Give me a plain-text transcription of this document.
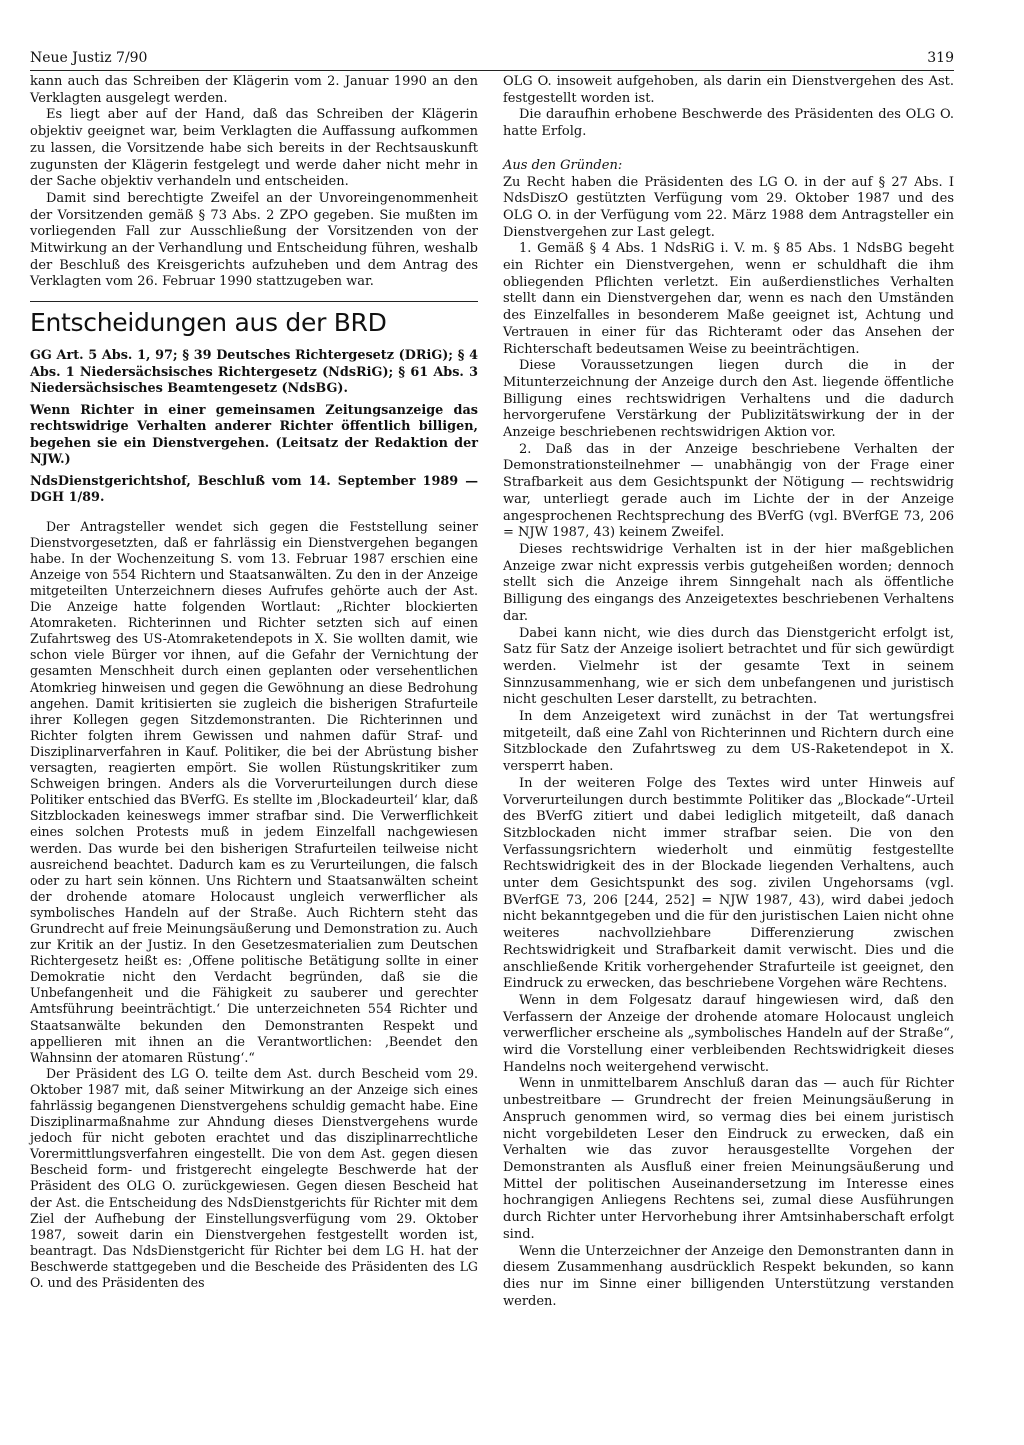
Neue Justiz 7/90	319

kann auch das Schreiben der Klägerin vom 2. Januar 1990 an den Verklagten ausgelegt werden.

Es liegt aber auf der Hand, daß das Schreiben der Klägerin objektiv geeignet war, beim Verklagten die Auffassung aufkommen zu lassen, die Vorsitzende habe sich bereits in der Rechtsauskunft zugunsten der Klägerin festgelegt und werde daher nicht mehr in der Sache objektiv verhandeln und entscheiden.

Damit sind berechtigte Zweifel an der Unvoreingenommenheit der Vorsitzenden gemäß § 73 Abs. 2 ZPO gegeben. Sie mußten im vorliegenden Fall zur Ausschließung der Vorsitzenden von der Mitwirkung an der Verhandlung und Entscheidung führen, weshalb der Beschluß des Kreisgerichts aufzuheben und dem Antrag des Verklagten vom 26. Februar 1990 stattzugeben war.

Entscheidungen aus der BRD

GG Art. 5 Abs. 1, 97; § 39 Deutsches Richtergesetz (DRiG); § 4 Abs. 1 Niedersächsisches Richtergesetz (NdsRiG); § 61 Abs. 3 Niedersächsisches Beamtengesetz (NdsBG).

Wenn Richter in einer gemeinsamen Zeitungsanzeige das rechtswidrige Verhalten anderer Richter öffentlich billigen, begehen sie ein Dienstvergehen. (Leitsatz der Redaktion der NJW.)

NdsDienstgerichtshof, Beschluß vom 14. September 1989 — DGH 1/89.

Der Antragsteller wendet sich gegen die Feststellung seiner Dienstvorgesetzten, daß er fahrlässig ein Dienstvergehen begangen habe. In der Wochenzeitung S. vom 13. Februar 1987 erschien eine Anzeige von 554 Richtern und Staatsanwälten. Zu den in der Anzeige mitgeteilten Unterzeichnern dieses Aufrufes gehörte auch der Ast. Die Anzeige hatte folgenden Wortlaut: „Richter blockierten Atomraketen. Richterinnen und Richter setzten sich auf einen Zufahrtsweg des US-Atomraketendepots in X. Sie wollten damit, wie schon viele Bürger vor ihnen, auf die Gefahr der Vernichtung der gesamten Menschheit durch einen geplanten oder versehentlichen Atomkrieg hinweisen und gegen die Gewöhnung an diese Bedrohung angehen. Damit kritisierten sie zugleich die bisherigen Strafurteile ihrer Kollegen gegen Sitzdemonstranten. Die Richterinnen und Richter folgten ihrem Gewissen und nahmen dafür Straf- und Disziplinarverfahren in Kauf. Politiker, die bei der Abrüstung bisher versagten, reagierten empört. Sie wollen Rüstungskritiker zum Schweigen bringen. Anders als die Vorverurteilungen durch diese Politiker entschied das BVerfG. Es stellte im ‚Blockadeurteil‘ klar, daß Sitzblockaden keineswegs immer strafbar sind. Die Verwerflichkeit eines solchen Protests muß in jedem Einzelfall nachgewiesen werden. Das wurde bei den bisherigen Strafurteilen teilweise nicht ausreichend beachtet. Dadurch kam es zu Verurteilungen, die falsch oder zu hart sein können. Uns Richtern und Staatsanwälten scheint der drohende atomare Holocaust ungleich verwerflicher als symbolisches Handeln auf der Straße. Auch Richtern steht das Grundrecht auf freie Meinungsäußerung und Demonstration zu. Auch zur Kritik an der Justiz. In den Gesetzesmaterialien zum Deutschen Richtergesetz heißt es: ‚Offene politische Betätigung sollte in einer Demokratie nicht den Verdacht begründen, daß sie die Unbefangenheit und die Fähigkeit zu sauberer und gerechter Amtsführung beeinträchtigt.‘ Die unterzeichneten 554 Richter und Staatsanwälte bekunden den Demonstranten Respekt und appellieren mit ihnen an die Verantwortlichen: ‚Beendet den Wahnsinn der atomaren Rüstung‘.“

Der Präsident des LG O. teilte dem Ast. durch Bescheid vom 29. Oktober 1987 mit, daß seiner Mitwirkung an der Anzeige sich eines fahrlässig begangenen Dienstvergehens schuldig gemacht habe. Eine Disziplinarmaßnahme zur Ahndung dieses Dienstvergehens wurde jedoch für nicht geboten erachtet und das disziplinarrechtliche Vorermittlungsverfahren eingestellt. Die von dem Ast. gegen diesen Bescheid form- und fristgerecht eingelegte Beschwerde hat der Präsident des OLG O. zurückgewiesen. Gegen diesen Bescheid hat der Ast. die Entscheidung des NdsDienstgerichts für Richter mit dem Ziel der Aufhebung der Einstellungsverfügung vom 29. Oktober 1987, soweit darin ein Dienstvergehen festgestellt worden ist, beantragt. Das NdsDienstgericht für Richter bei dem LG H. hat der Beschwerde stattgegeben und die Bescheide des Präsidenten des LG O. und des Präsidenten des

OLG O. insoweit aufgehoben, als darin ein Dienstvergehen des Ast. festgestellt worden ist.

Die daraufhin erhobene Beschwerde des Präsidenten des OLG O. hatte Erfolg.

Aus den Gründen:

Zu Recht haben die Präsidenten des LG O. in der auf § 27 Abs. I NdsDiszO gestützten Verfügung vom 29. Oktober 1987 und des OLG O. in der Verfügung vom 22. März 1988 dem Antragsteller ein Dienstvergehen zur Last gelegt.

1. Gemäß § 4 Abs. 1 NdsRiG i. V. m. § 85 Abs. 1 NdsBG begeht ein Richter ein Dienstvergehen, wenn er schuldhaft die ihm obliegenden Pflichten verletzt. Ein außerdienstliches Verhalten stellt dann ein Dienstvergehen dar, wenn es nach den Umständen des Einzelfalles in besonderem Maße geeignet ist, Achtung und Vertrauen in einer für das Richteramt oder das Ansehen der Richterschaft bedeutsamen Weise zu beeinträchtigen.

Diese Voraussetzungen liegen durch die in der Mitunterzeichnung der Anzeige durch den Ast. liegende öffentliche Billigung eines rechtswidrigen Verhaltens und die dadurch hervorgerufene Verstärkung der Publizitätswirkung der in der Anzeige beschriebenen rechtswidrigen Aktion vor.

2. Daß das in der Anzeige beschriebene Verhalten der Demonstrationsteilnehmer — unabhängig von der Frage einer Strafbarkeit aus dem Gesichtspunkt der Nötigung — rechtswidrig war, unterliegt gerade auch im Lichte der in der Anzeige angesprochenen Rechtsprechung des BVerfG (vgl. BVerfGE 73, 206 = NJW 1987, 43) keinem Zweifel.

Dieses rechtswidrige Verhalten ist in der hier maßgeblichen Anzeige zwar nicht expressis verbis gutgeheißen worden; dennoch stellt sich die Anzeige ihrem Sinngehalt nach als öffentliche Billigung des eingangs des Anzeigetextes beschriebenen Verhaltens dar.

Dabei kann nicht, wie dies durch das Dienstgericht erfolgt ist, Satz für Satz der Anzeige isoliert betrachtet und für sich gewürdigt werden. Vielmehr ist der gesamte Text in seinem Sinnzusammenhang, wie er sich dem unbefangenen und juristisch nicht geschulten Leser darstellt, zu betrachten.

In dem Anzeigetext wird zunächst in der Tat wertungsfrei mitgeteilt, daß eine Zahl von Richterinnen und Richtern durch eine Sitzblockade den Zufahrtsweg zu dem US-Raketendepot in X. versperrt haben.

In der weiteren Folge des Textes wird unter Hinweis auf Vorverurteilungen durch bestimmte Politiker das „Blockade“-Urteil des BVerfG zitiert und dabei lediglich mitgeteilt, daß danach Sitzblockaden nicht immer strafbar seien. Die von den Verfassungsrichtern wiederholt und einmütig festgestellte Rechtswidrigkeit des in der Blockade liegenden Verhaltens, auch unter dem Gesichtspunkt des sog. zivilen Ungehorsams (vgl. BVerfGE 73, 206 [244, 252] = NJW 1987, 43), wird dabei jedoch nicht bekanntgegeben und die für den juristischen Laien nicht ohne weiteres nachvollziehbare Differenzierung zwischen Rechtswidrigkeit und Strafbarkeit damit verwischt. Dies und die anschließende Kritik vorhergehender Strafurteile ist geeignet, den Eindruck zu erwecken, das beschriebene Vorgehen wäre Rechtens.

Wenn in dem Folgesatz darauf hingewiesen wird, daß den Verfassern der Anzeige der drohende atomare Holocaust ungleich verwerflicher erscheine als „symbolisches Handeln auf der Straße“, wird die Vorstellung einer verbleibenden Rechtswidrigkeit dieses Handelns noch weitergehend verwischt.

Wenn in unmittelbarem Anschluß daran das — auch für Richter unbestreitbare — Grundrecht der freien Meinungsäußerung in Anspruch genommen wird, so vermag dies bei einem juristisch nicht vorgebildeten Leser den Eindruck zu erwecken, daß ein Verhalten wie das zuvor herausgestellte Vorgehen der Demonstranten als Ausfluß einer freien Meinungsäußerung und Mittel der politischen Auseinandersetzung im Interesse eines hochrangigen Anliegens Rechtens sei, zumal diese Ausführungen durch Richter unter Hervorhebung ihrer Amtsinhaberschaft erfolgt sind.

Wenn die Unterzeichner der Anzeige den Demonstranten dann in diesem Zusammenhang ausdrücklich Respekt bekunden, so kann dies nur im Sinne einer billigenden Unterstützung verstanden werden.
